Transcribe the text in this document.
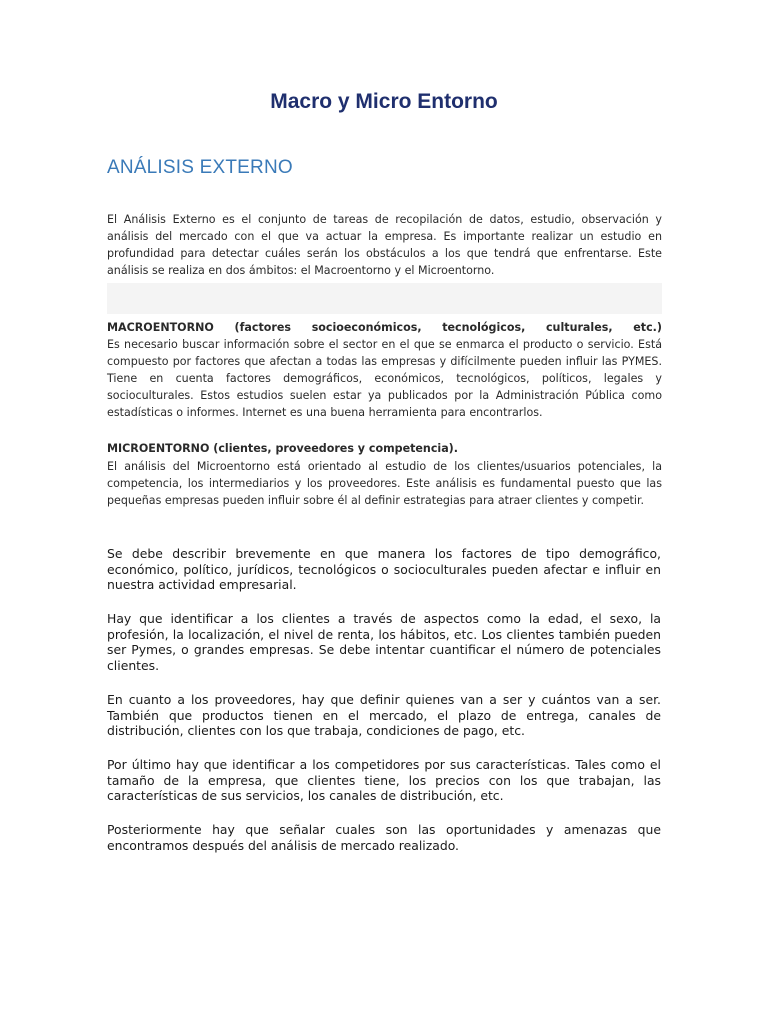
Macro y Micro Entorno
ANÁLISIS EXTERNO

El Análisis Externo es el conjunto de tareas de recopilación de datos, estudio, observación y análisis del mercado con el que va actuar la empresa. Es importante realizar un estudio en profundidad para detectar cuáles serán los obstáculos a los que tendrá que enfrentarse. Este análisis se realiza en dos ámbitos: el Macroentorno y el Microentorno.

MACROENTORNO (factores socioeconómicos, tecnológicos, culturales, etc.)
Es necesario buscar información sobre el sector en el que se enmarca el producto o servicio. Está compuesto por factores que afectan a todas las empresas y difícilmente pueden influir las PYMES. Tiene en cuenta factores demográficos, económicos, tecnológicos, políticos, legales y socioculturales. Estos estudios suelen estar ya publicados por la Administración Pública como estadísticas o informes. Internet es una buena herramienta para encontrarlos.

MICROENTORNO (clientes, proveedores y competencia).

El análisis del Microentorno está orientado al estudio de los clientes/usuarios potenciales, la competencia, los intermediarios y los proveedores. Este análisis es fundamental puesto que las pequeñas empresas pueden influir sobre él al definir estrategias para atraer clientes y competir.

Se debe describir brevemente en que manera los factores de tipo demográfico, económico, político, jurídicos, tecnológicos o socioculturales pueden afectar e influir en nuestra actividad empresarial.

Hay que identificar a los clientes a través de aspectos como la edad, el sexo, la profesión, la localización, el nivel de renta, los hábitos, etc. Los clientes también pueden ser Pymes, o grandes empresas. Se debe intentar cuantificar el número de potenciales clientes.

En cuanto a los proveedores, hay que definir quienes van a ser y cuántos van a ser. También que productos tienen en el mercado, el plazo de entrega, canales de distribución, clientes con los que trabaja, condiciones de pago, etc.

Por último hay que identificar a los competidores por sus características. Tales como el tamaño de la empresa, que clientes tiene, los precios con los que trabajan, las características de sus servicios, los canales de distribución, etc.

Posteriormente hay que señalar cuales son las oportunidades y amenazas que encontramos después del análisis de mercado realizado.
